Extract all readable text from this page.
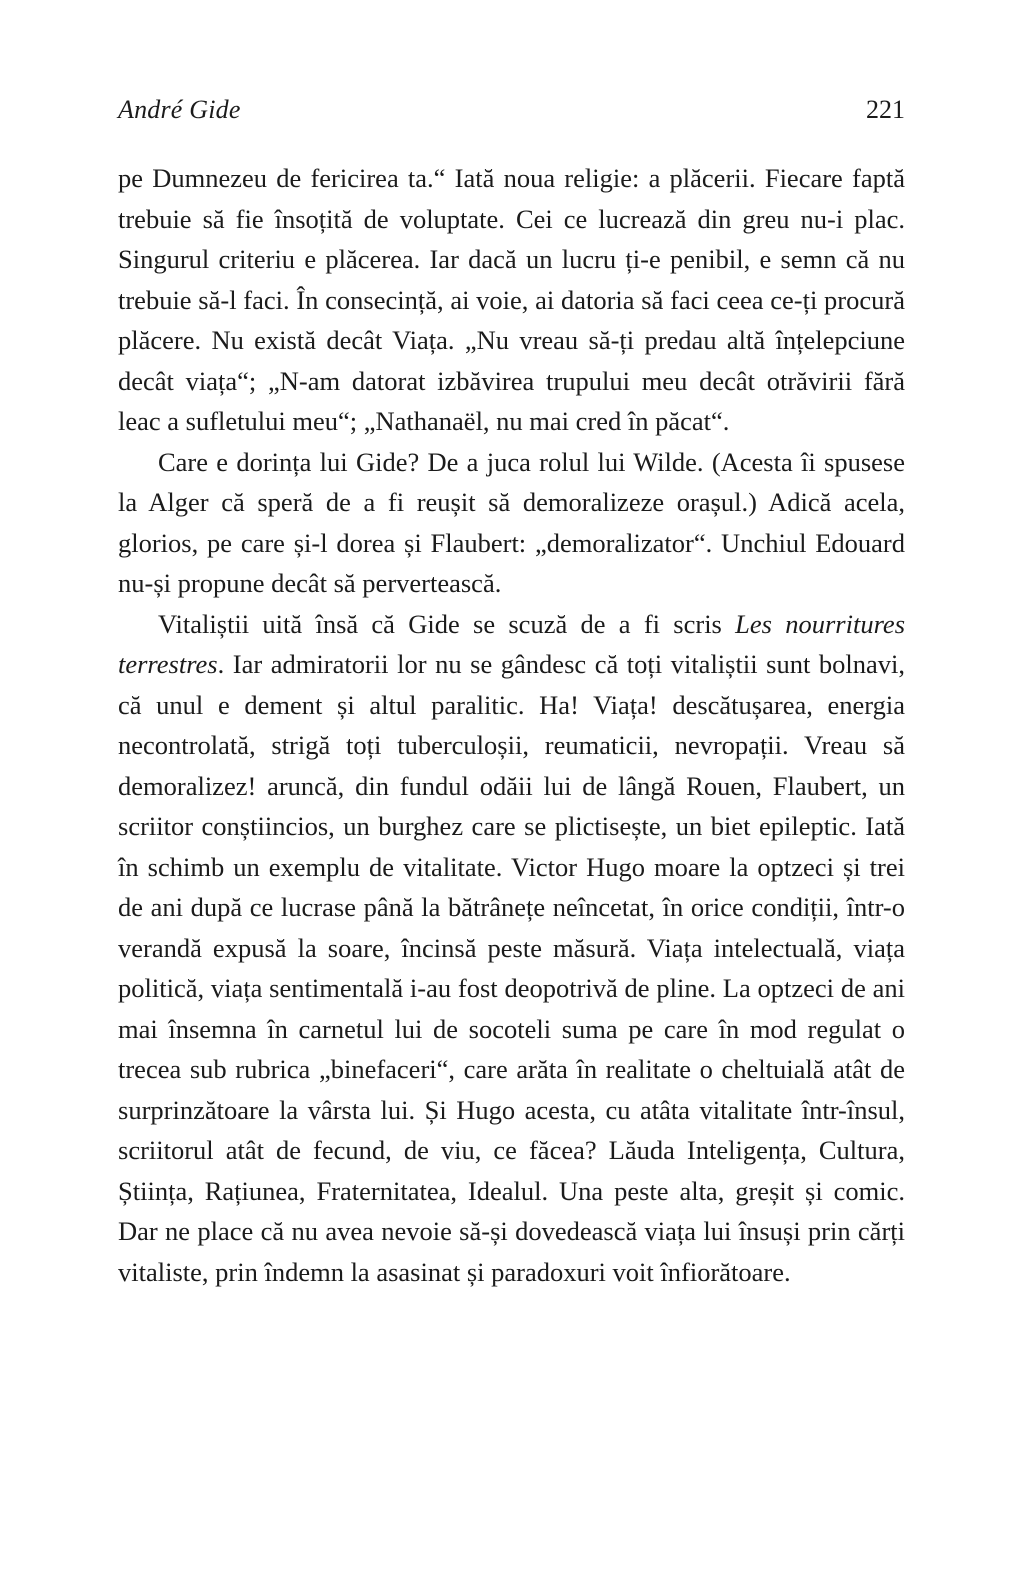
André Gide	221

pe Dumnezeu de fericirea ta.“ Iată noua religie: a plăcerii. Fiecare faptă trebuie să fie însoțită de voluptate. Cei ce lucrează din greu nu-i plac. Singurul criteriu e plăcerea. Iar dacă un lucru ți-e penibil, e semn că nu trebuie să-l faci. În consecință, ai voie, ai datoria să faci ceea ce-ți procură plăcere. Nu există decât Viața. „Nu vreau să-ți predau altă înțelepciune decât viața“; „N-am datorat izbăvirea trupului meu decât otrăvirii fără leac a sufletului meu“; „Nathanaël, nu mai cred în păcat“.

Care e dorința lui Gide? De a juca rolul lui Wilde. (Acesta îi spusese la Alger că speră de a fi reușit să demoralizeze orașul.) Adică acela, glorios, pe care și-l dorea și Flaubert: „demoralizator“. Unchiul Edouard nu-și propune decât să pervertească.

Vitaliștii uită însă că Gide se scuză de a fi scris Les nourritures terrestres. Iar admiratorii lor nu se gândesc că toți vitaliștii sunt bolnavi, că unul e dement și altul paralitic. Ha! Viața! descătușarea, energia necontrolată, strigă toți tuberculoșii, reumaticii, nevropații. Vreau să demoralizez! aruncă, din fundul odăii lui de lângă Rouen, Flaubert, un scriitor conștiincios, un burghez care se plictisește, un biet epileptic. Iată în schimb un exemplu de vitalitate. Victor Hugo moare la optzeci și trei de ani după ce lucrase până la bătrânețe neîncetat, în orice condiții, într-o verandă expusă la soare, încinsă peste măsură. Viața intelectuală, viața politică, viața sentimentală i-au fost deopotrivă de pline. La optzeci de ani mai însemna în carnetul lui de socoteli suma pe care în mod regulat o trecea sub rubrica „binefaceri“, care arăta în realitate o cheltuială atât de surprinzătoare la vârsta lui. Și Hugo acesta, cu atâta vitalitate într-însul, scriitorul atât de fecund, de viu, ce făcea? Lăuda Inteligența, Cultura, Știința, Rațiunea, Fraternitatea, Idealul. Una peste alta, greșit și comic. Dar ne place că nu avea nevoie să-și dovedească viața lui însuși prin cărți vitaliste, prin îndemn la asasinat și paradoxuri voit înfiorătoare.
